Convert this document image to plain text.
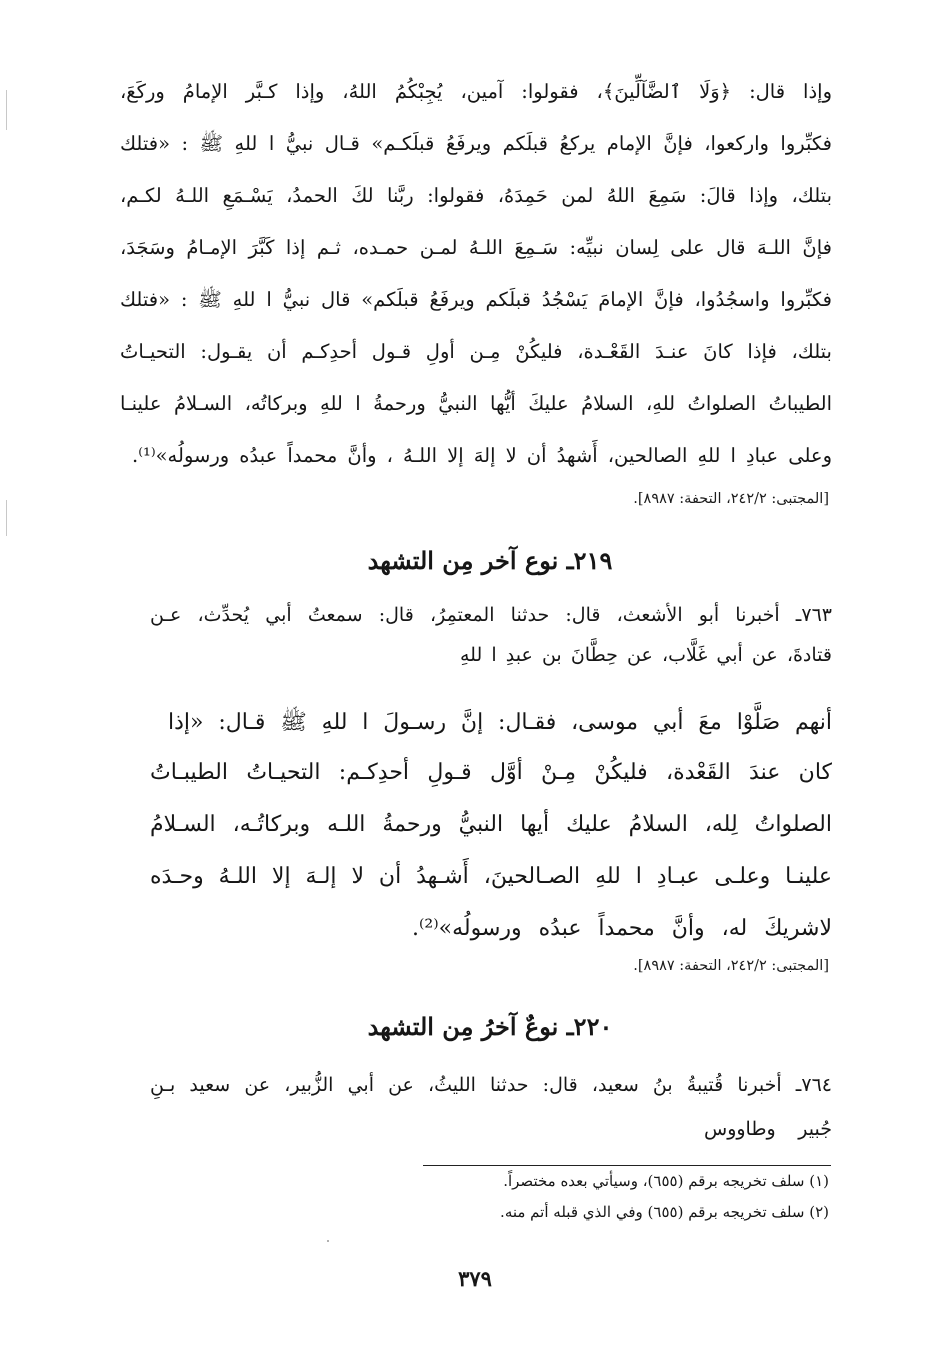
وإذا قال: ﴿وَلَا ٱلضَّآلِّينَ﴾، فقولوا: آمين، يُجِبْكُمُ اللهُ، وإذا كـبَّر الإمامُ وركَعَ،
فكبِّروا واركعوا، فإنَّ الإمام يركعُ قبلَكم ويرفَعُ قبلَكـم» قـال نبيُّ ا للهِ ﷺ : «فتلك
بتلك، وإذا قالَ: سَمِعَ اللهُ لمن حَمِدَهُ، فقولوا: ربَّنا لكَ الحمدُ، يَسْـمَعِ اللـهُ لكـم،
فإنَّ اللـهَ قال على لِسان نبيِّه: سَـمِعَ اللـهُ لمـن حمـده، ثـم إذا كَبَّرَ الإمـامُ وسَجَدَ،
فكبِّروا واسجُدُوا، فإنَّ الإمامَ يَسْجُدُ قبلَكم ويرفَعُ قبلَكم» قال نبيُّ ا للهِ ﷺ : «فتلك
بتلك، فإذا كانَ عنـدَ القَعْـدة، فليكُنْ مِـن أولِ قـول أحدِكـم أن يقـول: التحيـاتُ
الطيباتُ الصلواتُ للهِ، السلامُ عليكَ أيُّها النبيُّ ورحمةُ ا للهِ وبركاتُه، السـلامُ علينـا
وعلى عبادِ ا للهِ الصالحين، أَشهدُ أن لا إلهَ إلا اللـهُ ، وأنَّ محمداً عبدُه ورسولُه»⁽¹⁾.
[المجتبى: ٢٤٢/٢، التحفة: ٨٩٨٧].
٢١٩ـ نوع آخر مِن التشهد
٧٦٣ـ أخبرنا أبو الأشعث، قال: حدثنا المعتمِرُ، قال: سمعتُ أبي يُحدِّث، عـن
قتادةَ، عن أبي غَلَّاب، عن حِطَّانَ بن عبدِ ا للهِ
أنهم صَلَّوْا معَ أبي موسى، فقـال: إنَّ رسـولَ ا للهِ ﷺ قـال: «إذا
كان عندَ القَعْدة، فليكُنْ مِـنْ أوَّل قـولِ أحدِكـم: التحيـاتُ الطيبـاتُ
الصلواتُ لِله، السلامُ عليك أيها النبيُّ ورحمةُ اللـه وبركاتُـه، السـلامُ
علينـا وعلـى عبـادِ ا للهِ الصـالحينَ، أَشـهدُ أن لا إلـهَ إلا اللـهُ وحـدَه
لاشريكَ له، وأنَّ محمداً عبدُه ورسولُه»⁽²⁾.
[المجتبى: ٢٤٢/٢، التحفة: ٨٩٨٧].
٢٢٠ـ نوعٌ آخرُ مِن التشهد
٧٦٤ـ أخبرنا قُتيبةُ بنُ سعيد، قال: حدثنا الليثُ، عن أبي الزُّبير، عن سعيد بـنِ
جُبير وطاووس
(١) سلف تخريجه برقم (٦٥٥)، وسيأتي بعده مختصراً.
(٢) سلف تخريجه برقم (٦٥٥) وفي الذي قبله أتم منه.
٣٧٩
